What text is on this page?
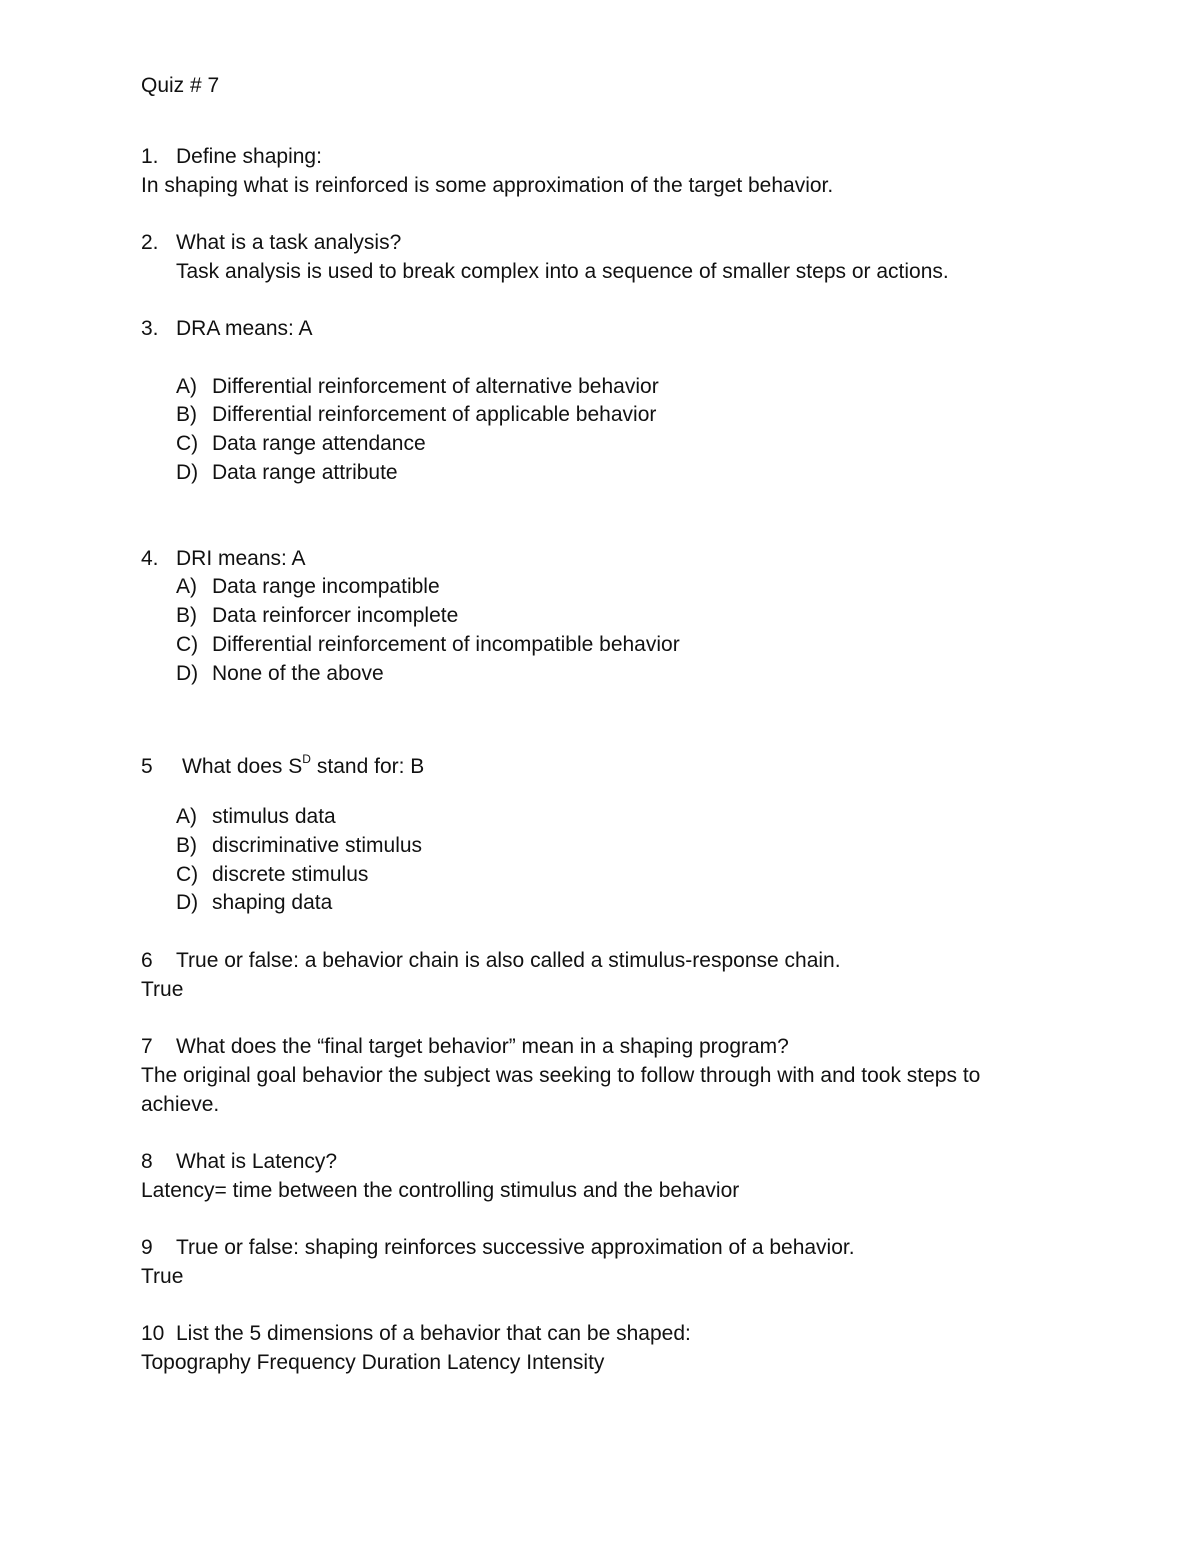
Quiz # 7
1. Define shaping:
In shaping what is reinforced is some approximation of the target behavior.
2. What is a task analysis?
Task analysis is used to break complex into a sequence of smaller steps or actions.
3. DRA means: A
A) Differential reinforcement of alternative behavior
B) Differential reinforcement of applicable behavior
C) Data range attendance
D) Data range attribute
4. DRI means: A
A) Data range incompatible
B) Data reinforcer incomplete
C) Differential reinforcement of incompatible behavior
D) None of the above
5 What does $S^D$ stand for: B
A) stimulus data
B) discriminative stimulus
C) discrete stimulus
D) shaping data
6 True or false: a behavior chain is also called a stimulus-response chain.
True
7 What does the “final target behavior” mean in a shaping program?
The original goal behavior the subject was seeking to follow through with and took steps to
achieve.
8 What is Latency?
Latency= time between the controlling stimulus and the behavior
9 True or false: shaping reinforces successive approximation of a behavior.
True
10 List the 5 dimensions of a behavior that can be shaped:
Topography Frequency Duration Latency Intensity
